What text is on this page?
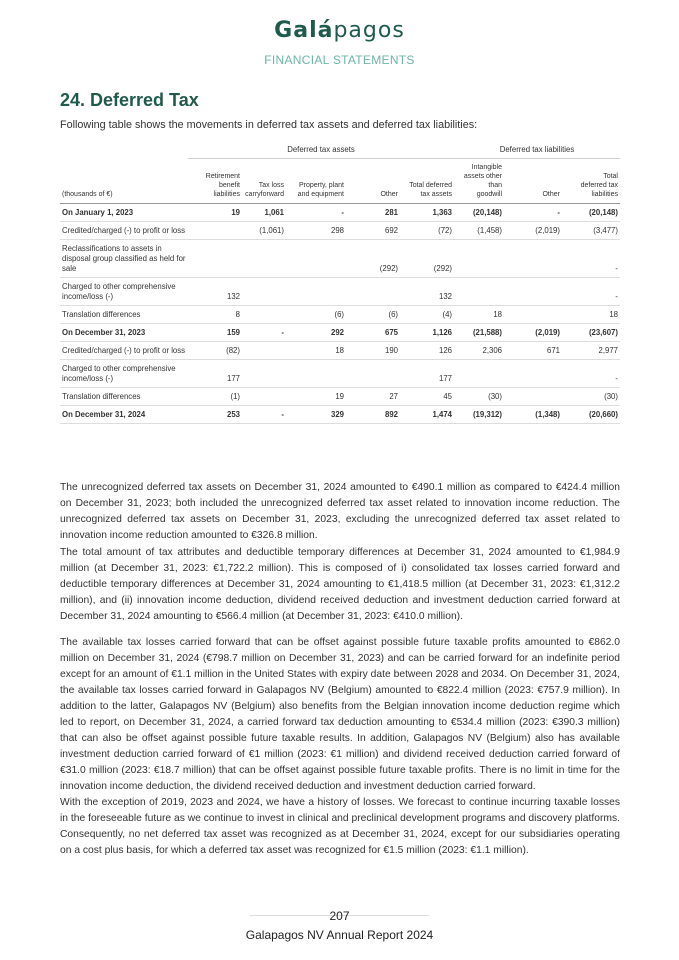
Galápagos
FINANCIAL STATEMENTS
24. Deferred Tax
Following table shows the movements in deferred tax assets and deferred tax liabilities:
	Deferred tax assets					Deferred tax liabilities		
(thousands of €)	Retirement
benefit
liabilities	Tax loss
carryforward	Property, plant
and equipment	Other	Total deferred
tax assets	Intangible
assets other
than
goodwill	Other	Total
deferred tax
liabilities
On January 1, 2023	19	1,061	-	281	1,363	(20,148)	-	(20,148)
Credited/charged (-) to profit or loss		(1,061)	298	692	(72)	(1,458)	(2,019)	(3,477)
Reclassifications to assets in disposal group classified as held for sale				(292)	(292)			-
Charged to other comprehensive income/loss (-)	132				132			-
Translation differences	8		(6)	(6)	(4)	18		18
On December 31, 2023	159	-	292	675	1,126	(21,588)	(2,019)	(23,607)
Credited/charged (-) to profit or loss	(82)		18	190	126	2,306	671	2,977
Charged to other comprehensive income/loss (-)	177				177			-
Translation differences	(1)		19	27	45	(30)		(30)
On December 31, 2024	253	-	329	892	1,474	(19,312)	(1,348)	(20,660)

The unrecognized deferred tax assets on December 31, 2024 amounted to €490.1 million as compared to €424.4 million on December 31, 2023; both included the unrecognized deferred tax asset related to innovation income reduction. The unrecognized deferred tax assets on December 31, 2023, excluding the unrecognized deferred tax asset related to innovation income reduction amounted to €326.8 million.

The total amount of tax attributes and deductible temporary differences at December 31, 2024 amounted to €1,984.9 million (at December 31, 2023: €1,722.2 million). This is composed of i) consolidated tax losses carried forward and deductible temporary differences at December 31, 2024 amounting to €1,418.5 million (at December 31, 2023: €1,312.2 million), and (ii) innovation income deduction, dividend received deduction and investment deduction carried forward at December 31, 2024 amounting to €566.4 million (at December 31, 2023: €410.0 million).

The available tax losses carried forward that can be offset against possible future taxable profits amounted to €862.0 million on December 31, 2024 (€798.7 million on December 31, 2023) and can be carried forward for an indefinite period except for an amount of €1.1 million in the United States with expiry date between 2028 and 2034. On December 31, 2024, the available tax losses carried forward in Galapagos NV (Belgium) amounted to €822.4 million (2023: €757.9 million). In addition to the latter, Galapagos NV (Belgium) also benefits from the Belgian innovation income deduction regime which led to report, on December 31, 2024, a carried forward tax deduction amounting to €534.4 million (2023: €390.3 million) that can also be offset against possible future taxable results. In addition, Galapagos NV (Belgium) also has available investment deduction carried forward of €1 million (2023: €1 million) and dividend received deduction carried forward of €31.0 million (2023: €18.7 million) that can be offset against possible future taxable profits. There is no limit in time for the innovation income deduction, the dividend received deduction and investment deduction carried forward.

With the exception of 2019, 2023 and 2024, we have a history of losses. We forecast to continue incurring taxable losses in the foreseeable future as we continue to invest in clinical and preclinical development programs and discovery platforms. Consequently, no net deferred tax asset was recognized as at December 31, 2024, except for our subsidiaries operating on a cost plus basis, for which a deferred tax asset was recognized for €1.5 million (2023: €1.1 million).

207
Galapagos NV Annual Report 2024
